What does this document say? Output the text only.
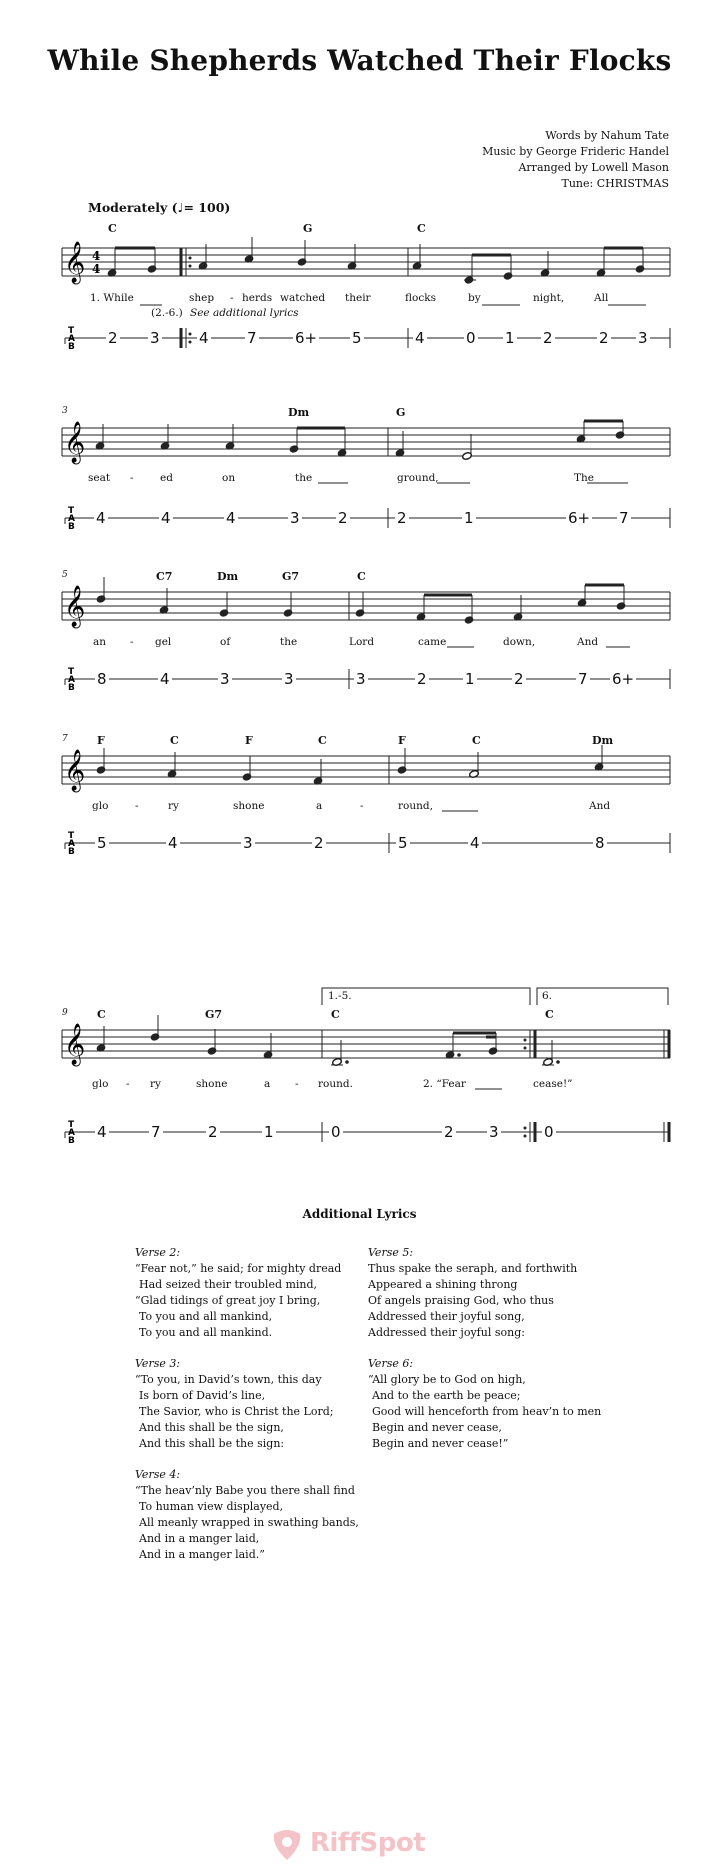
While Shepherds Watched Their Flocks
Words by Nahum Tate
Music by George Frideric Handel
Arranged by Lowell Mason
Tune: CHRISTMAS
Moderately (♩= 100)
𝄞 4
4
T
A
B
C	G	C
1. While	shep - herds watched their	flocks	by	night,	All
(2.-6.) See additional lyrics
2 3	4	7	6+ 5	4	0 1 2	2 3
𝄞
T
A
B
3	Dm	G
seat -	ed	on	the	ground,	The
4	4	4	3	2	2	1	6+ 7
𝄞
T
A
B
5	C7	Dm	G7	C
an - gel	of	the	Lord	came	down,	And
8	4	3	3	3	2	1	2	7 6+
𝄞
T
A
B
7	F	C	F	C	F	C	Dm
glo	-	ry	shone	a	-	round,	And
5	4	3	2	5	4	8
𝄞
T
A
B
1.-5.	6.
9	C	G7	C	C
glo - ry	shone	a - round.	2. “Fear	cease!”
4	7	2	1	0	2 3	0
Additional Lyrics
Verse 2:
“Fear not,” he said; for mighty dread
Had seized their troubled mind,
“Glad tidings of great joy I bring,
To you and all mankind,
To you and all mankind.
Verse 3:
“To you, in David’s town, this day
Is born of David’s line,
The Savior, who is Christ the Lord;
And this shall be the sign,
And this shall be the sign:
Verse 4:
“The heav’nly Babe you there shall find
To human view displayed,
All meanly wrapped in swathing bands,
And in a manger laid,
And in a manger laid.”
Verse 5:
Thus spake the seraph, and forthwith
Appeared a shining throng
Of angels praising God, who thus
Addressed their joyful song,
Addressed their joyful song:
Verse 6:
“All glory be to God on high,
And to the earth be peace;
Good will henceforth from heav’n to men
Begin and never cease,
Begin and never cease!”
RiffSpot
